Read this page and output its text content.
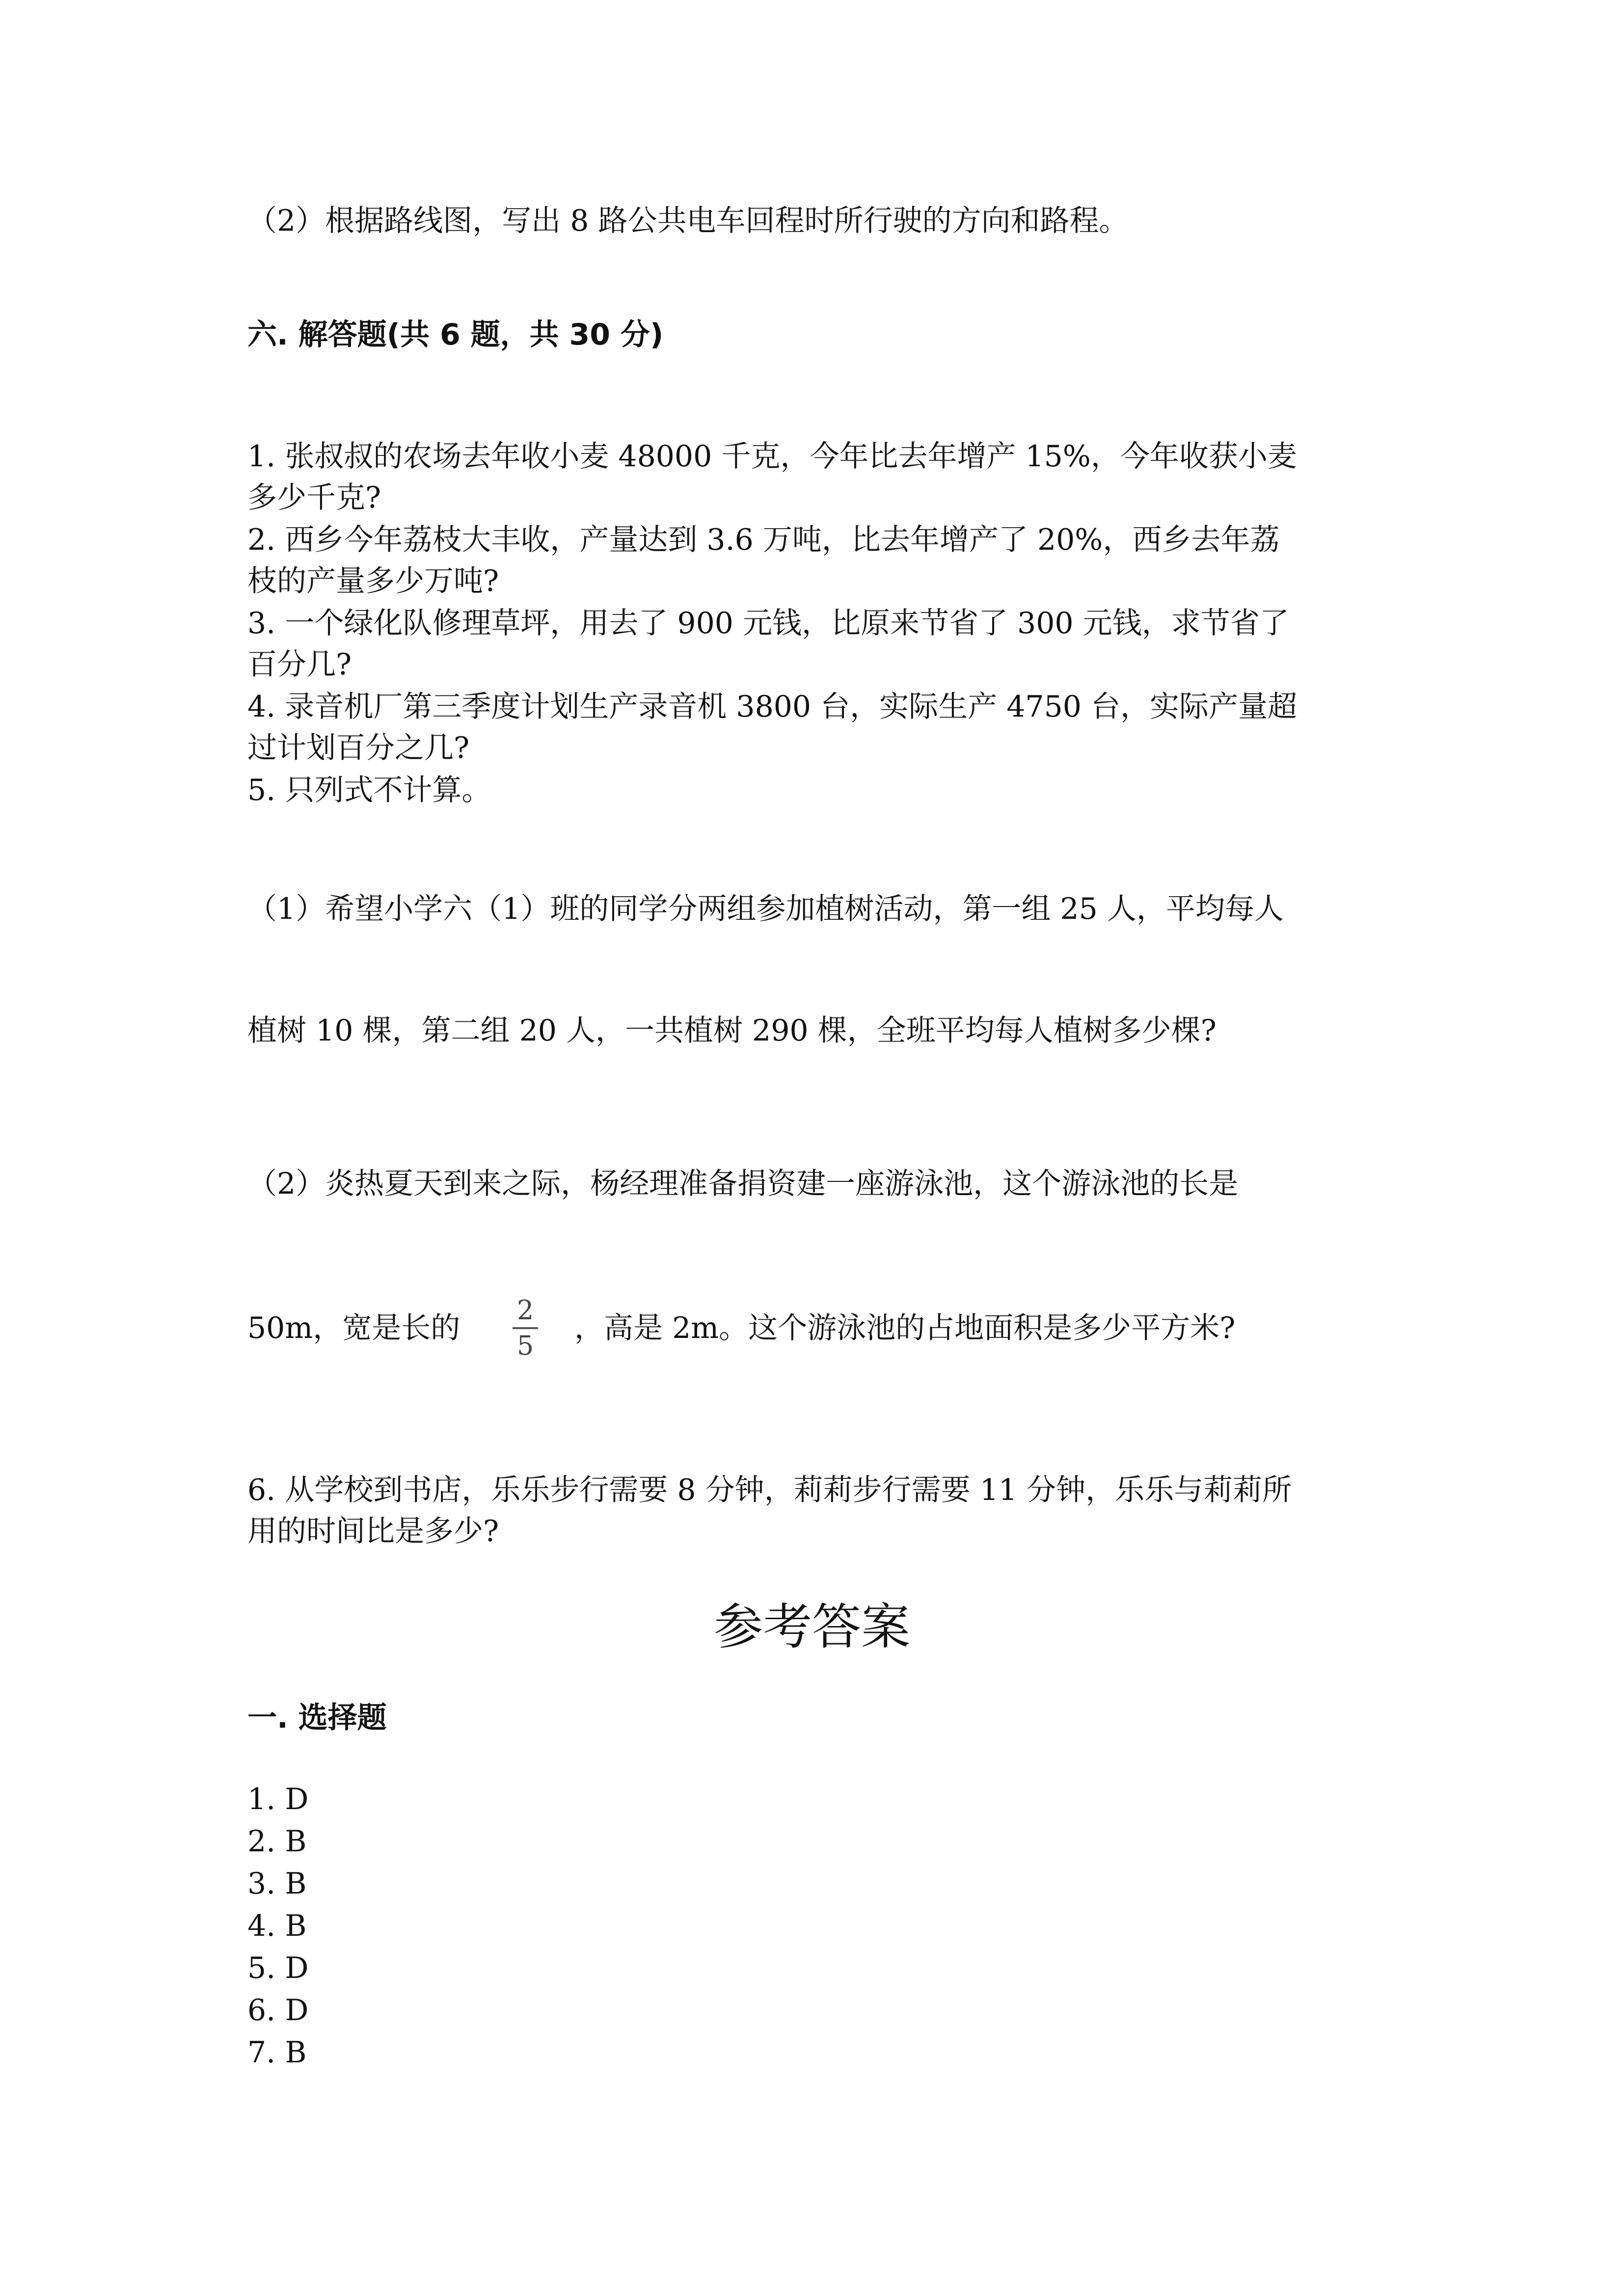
（2）根据路线图，写出 8 路公共电车回程时所行驶的方向和路程。
六. 解答题(共 6 题，共 30 分)
1. 张叔叔的农场去年收小麦 48000 千克，今年比去年增产 15%，今年收获小麦
多少千克?
2. 西乡今年荔枝大丰收，产量达到 3.6 万吨，比去年增产了 20%，西乡去年荔
枝的产量多少万吨?
3. 一个绿化队修理草坪，用去了 900 元钱，比原来节省了 300 元钱，求节省了
百分几?
4. 录音机厂第三季度计划生产录音机 3800 台，实际生产 4750 台，实际产量超
过计划百分之几?
5. 只列式不计算。
（1）希望小学六（1）班的同学分两组参加植树活动，第一组 25 人，平均每人
植树 10 棵，第二组 20 人，一共植树 290 棵，全班平均每人植树多少棵?
（2）炎热夏天到来之际，杨经理准备捐资建一座游泳池，这个游泳池的长是
50m，宽是长的
2
5
，高是 2m。这个游泳池的占地面积是多少平方米?
6. 从学校到书店，乐乐步行需要 8 分钟，莉莉步行需要 11 分钟，乐乐与莉莉所
用的时间比是多少?
参考答案
一. 选择题
1. D
2. B
3. B
4. B
5. D
6. D
7. B
